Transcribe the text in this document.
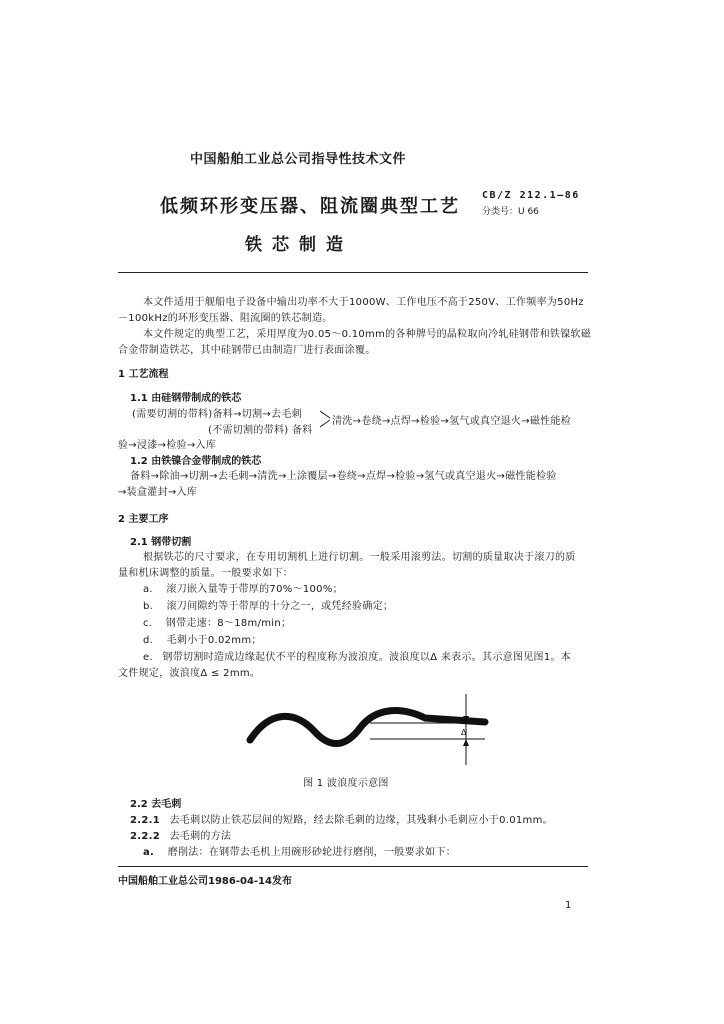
中国船舶工业总公司指导性技术文件
低频环形变压器、阻流圈典型工艺
铁芯制造
CB/Z 212.1—86
分类号：U 66
本文件适用于舰船电子设备中输出功率不大于1000W、工作电压不高于250V、工作频率为50Hz
－100kHz的环形变压器、阻流圈的铁芯制造。
本文件规定的典型工艺，采用厚度为0.05～0.10mm的各种牌号的晶粒取向冷轧硅钢带和铁镍软磁
合金带制造铁芯，其中硅钢带已由制造厂进行表面涂覆。
1 工艺流程
1.1 由硅钢带制成的铁芯
(需要切割的带料)备料→切割→去毛刺
(不需切割的带料) 备料
清洗→卷绕→点焊→检验→氢气或真空退火→磁性能检
验→浸漆→检验→入库
1.2 由铁镍合金带制成的铁芯
备料→除油→切割→去毛刺→清洗→上涂覆层→卷绕→点焊→检验→氢气或真空退火→磁性能检验
→装盒灌封→入库
2 主要工序
2.1 钢带切割
根据铁芯的尺寸要求，在专用切割机上进行切割。一般采用滚剪法。切割的质量取决于滚刀的质
量和机床调整的质量。一般要求如下：
a. 滚刀嵌入量等于带厚的70%～100%；
b. 滚刀间隙约等于带厚的十分之一，或凭经验确定；
c. 钢带走速：8～18m/min；
d. 毛刺小于0.02mm；
e. 钢带切割时造成边缘起伏不平的程度称为波浪度。波浪度以Δ 来表示。其示意图见图1。本
文件规定，波浪度Δ ≤ 2mm。
Δ
图 1 波浪度示意图
2.2 去毛刺
2.2.1 去毛刺以防止铁芯层间的短路，经去除毛刺的边缘，其残剩小毛刺应小于0.01mm。
2.2.2 去毛刺的方法
a. 磨削法：在钢带去毛机上用碗形砂轮进行磨削，一般要求如下：
中国船舶工业总公司1986-04-14发布
1
